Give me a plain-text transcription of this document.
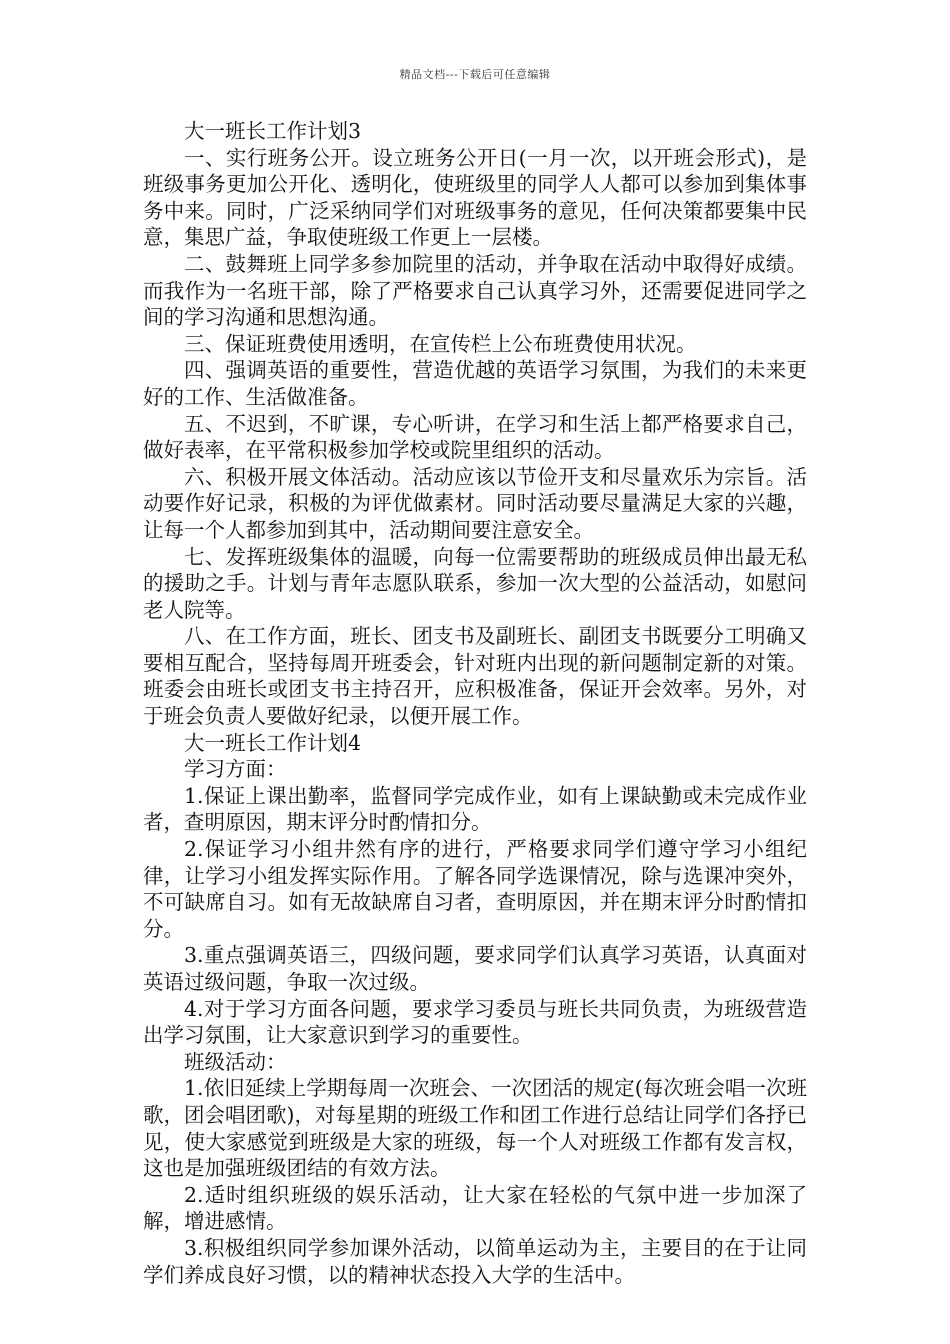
精品文档---下载后可任意编辑

大一班长工作计划3

一、实行班务公开。设立班务公开日(一月一次，以开班会形式)，是班级事务更加公开化、透明化，使班级里的同学人人都可以参加到集体事务中来。同时，广泛采纳同学们对班级事务的意见，任何决策都要集中民意，集思广益，争取使班级工作更上一层楼。

二、鼓舞班上同学多参加院里的活动，并争取在活动中取得好成绩。而我作为一名班干部，除了严格要求自己认真学习外，还需要促进同学之间的学习沟通和思想沟通。

三、保证班费使用透明，在宣传栏上公布班费使用状况。

四、强调英语的重要性，营造优越的英语学习氛围，为我们的未来更好的工作、生活做准备。

五、不迟到，不旷课，专心听讲，在学习和生活上都严格要求自己，做好表率，在平常积极参加学校或院里组织的活动。

六、积极开展文体活动。活动应该以节俭开支和尽量欢乐为宗旨。活动要作好记录，积极的为评优做素材。同时活动要尽量满足大家的兴趣，让每一个人都参加到其中，活动期间要注意安全。

七、发挥班级集体的温暖，向每一位需要帮助的班级成员伸出最无私的援助之手。计划与青年志愿队联系，参加一次大型的公益活动，如慰问老人院等。

八、在工作方面，班长、团支书及副班长、副团支书既要分工明确又要相互配合，坚持每周开班委会，针对班内出现的新问题制定新的对策。班委会由班长或团支书主持召开，应积极准备，保证开会效率。另外，对于班会负责人要做好纪录，以便开展工作。

大一班长工作计划4

学习方面：

1.保证上课出勤率，监督同学完成作业，如有上课缺勤或未完成作业者，查明原因，期末评分时酌情扣分。

2.保证学习小组井然有序的进行，严格要求同学们遵守学习小组纪律，让学习小组发挥实际作用。了解各同学选课情况，除与选课冲突外，不可缺席自习。如有无故缺席自习者，查明原因，并在期末评分时酌情扣分。

3.重点强调英语三，四级问题，要求同学们认真学习英语，认真面对英语过级问题，争取一次过级。

4.对于学习方面各问题，要求学习委员与班长共同负责，为班级营造出学习氛围，让大家意识到学习的重要性。

班级活动：

1.依旧延续上学期每周一次班会、一次团活的规定(每次班会唱一次班歌，团会唱团歌)，对每星期的班级工作和团工作进行总结让同学们各抒已见，使大家感觉到班级是大家的班级，每一个人对班级工作都有发言权，这也是加强班级团结的有效方法。

2.适时组织班级的娱乐活动，让大家在轻松的气氛中进一步加深了解，增进感情。

3.积极组织同学参加课外活动，以简单运动为主，主要目的在于让同学们养成良好习惯，以的精神状态投入大学的生活中。
